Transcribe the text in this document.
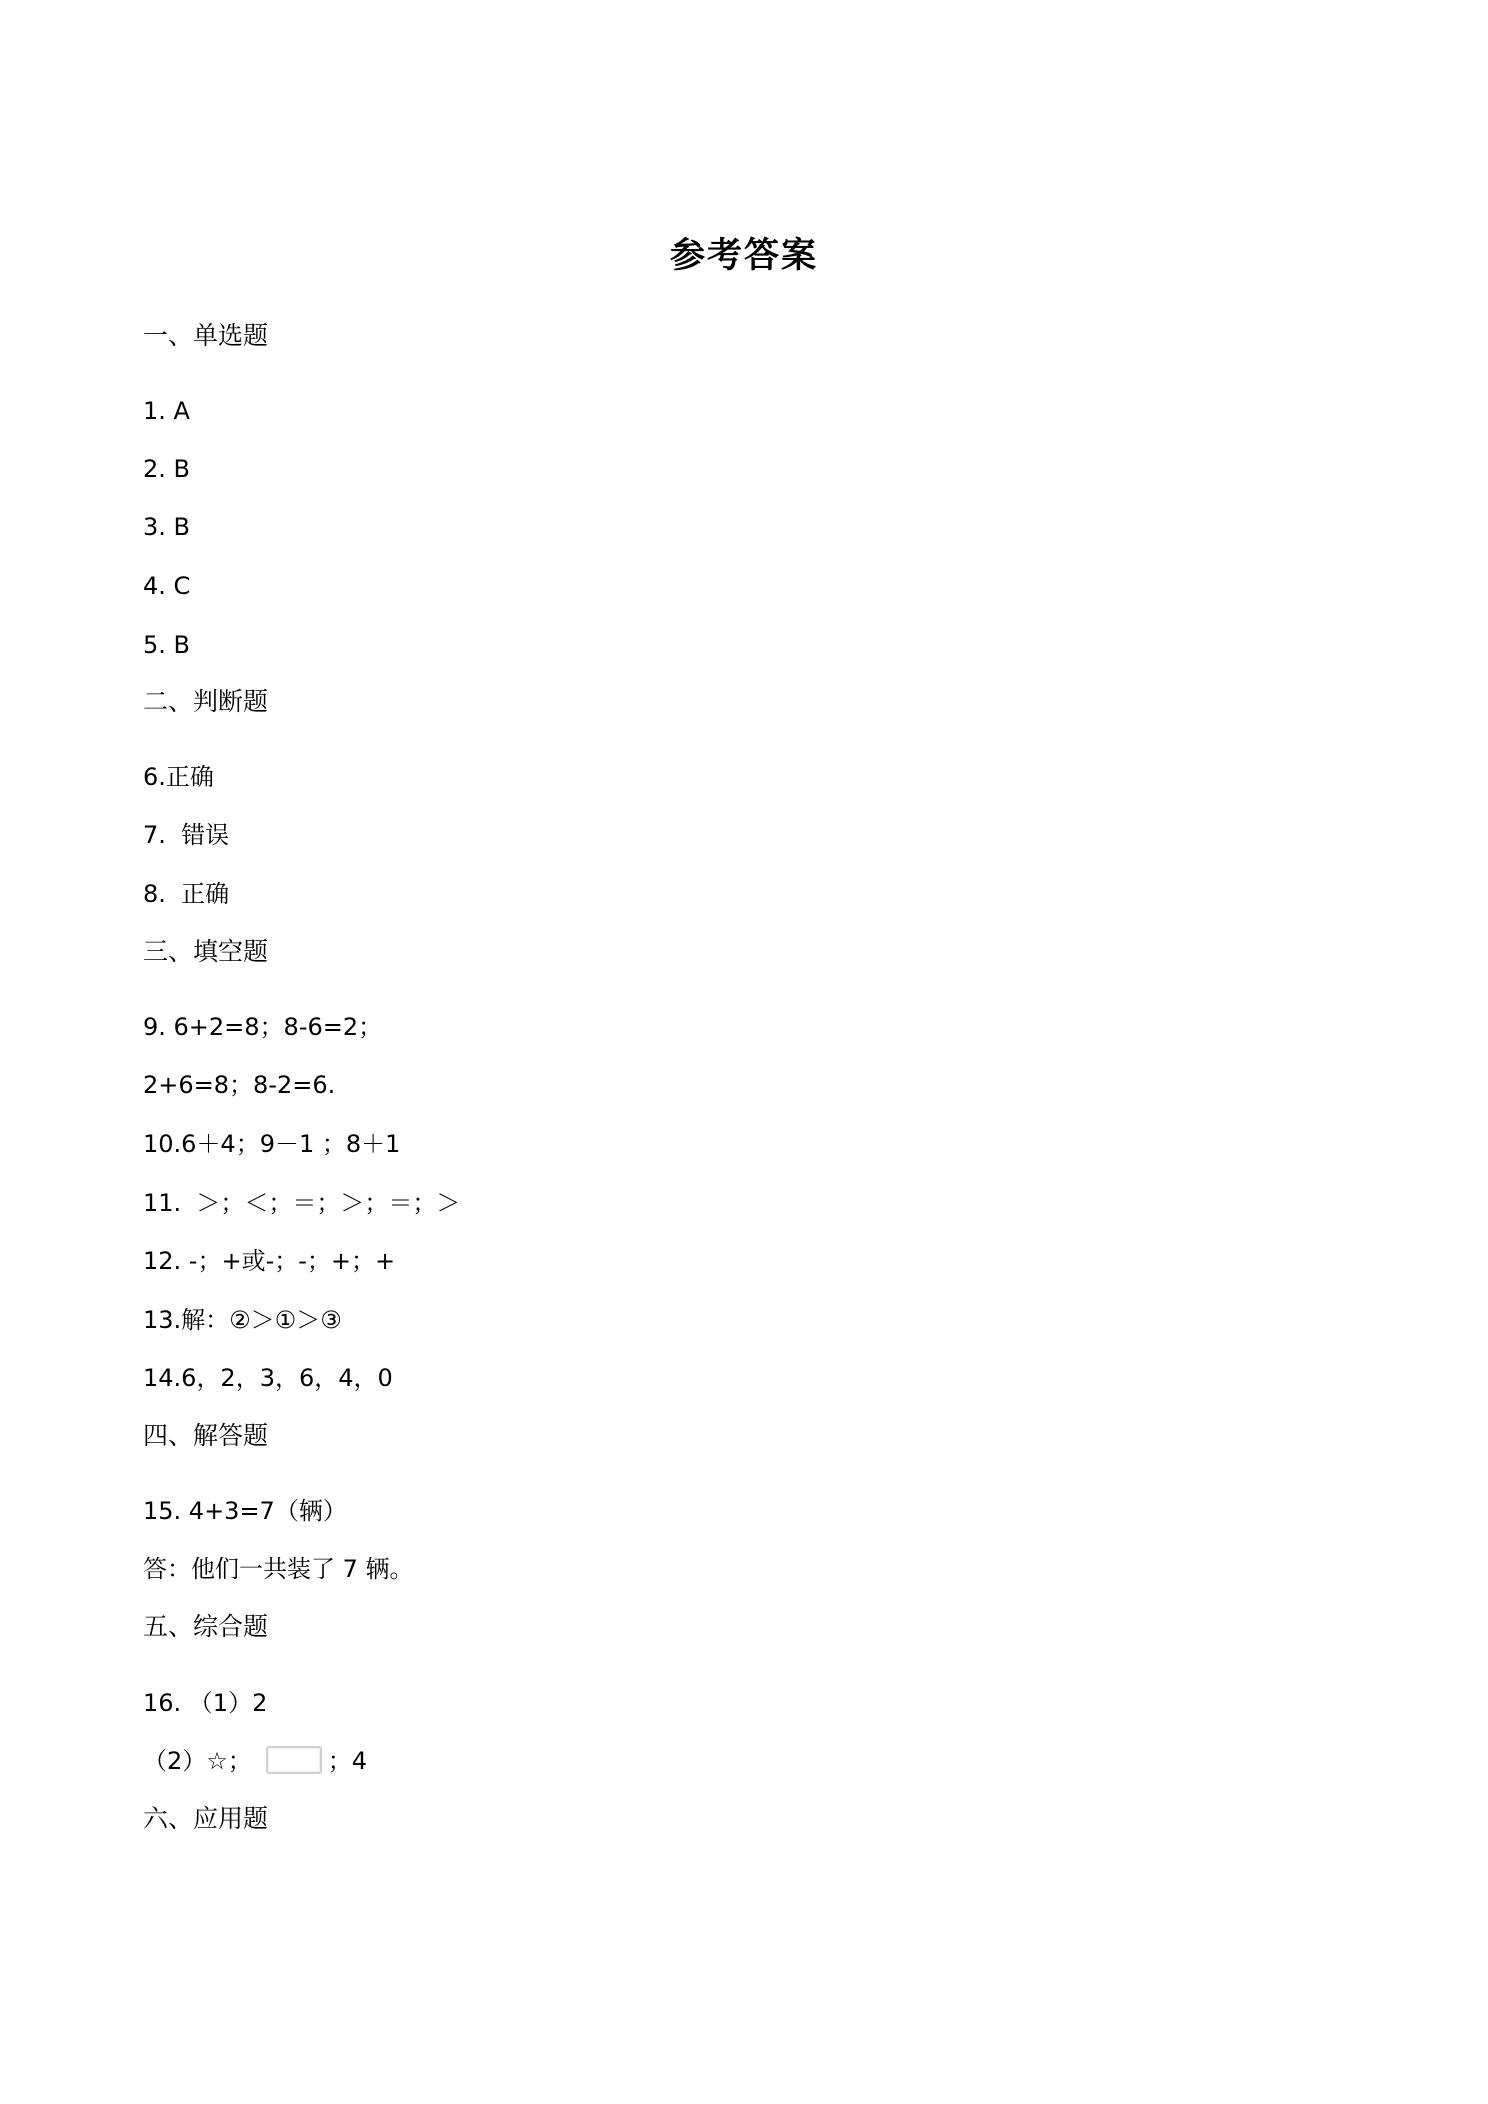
参考答案
一、单选题
1. A
2. B
3. B
4. C
5. B
二、判断题
6.正确
7.  错误
8.  正确
三、填空题
9. 6+2=8；8-6=2；
2+6=8；8-2=6.
10.6＋4；9－1 ；8＋1
11.  ＞；＜；＝；＞；＝；＞
12. -；+或-；-；+；+
13.解：②＞①＞③
14.6，2，3，6，4，0
四、解答题
15. 4+3=7（辆）
答：他们一共装了 7 辆。
五、综合题
16. （1）2
（2）☆；	；4
六、应用题
